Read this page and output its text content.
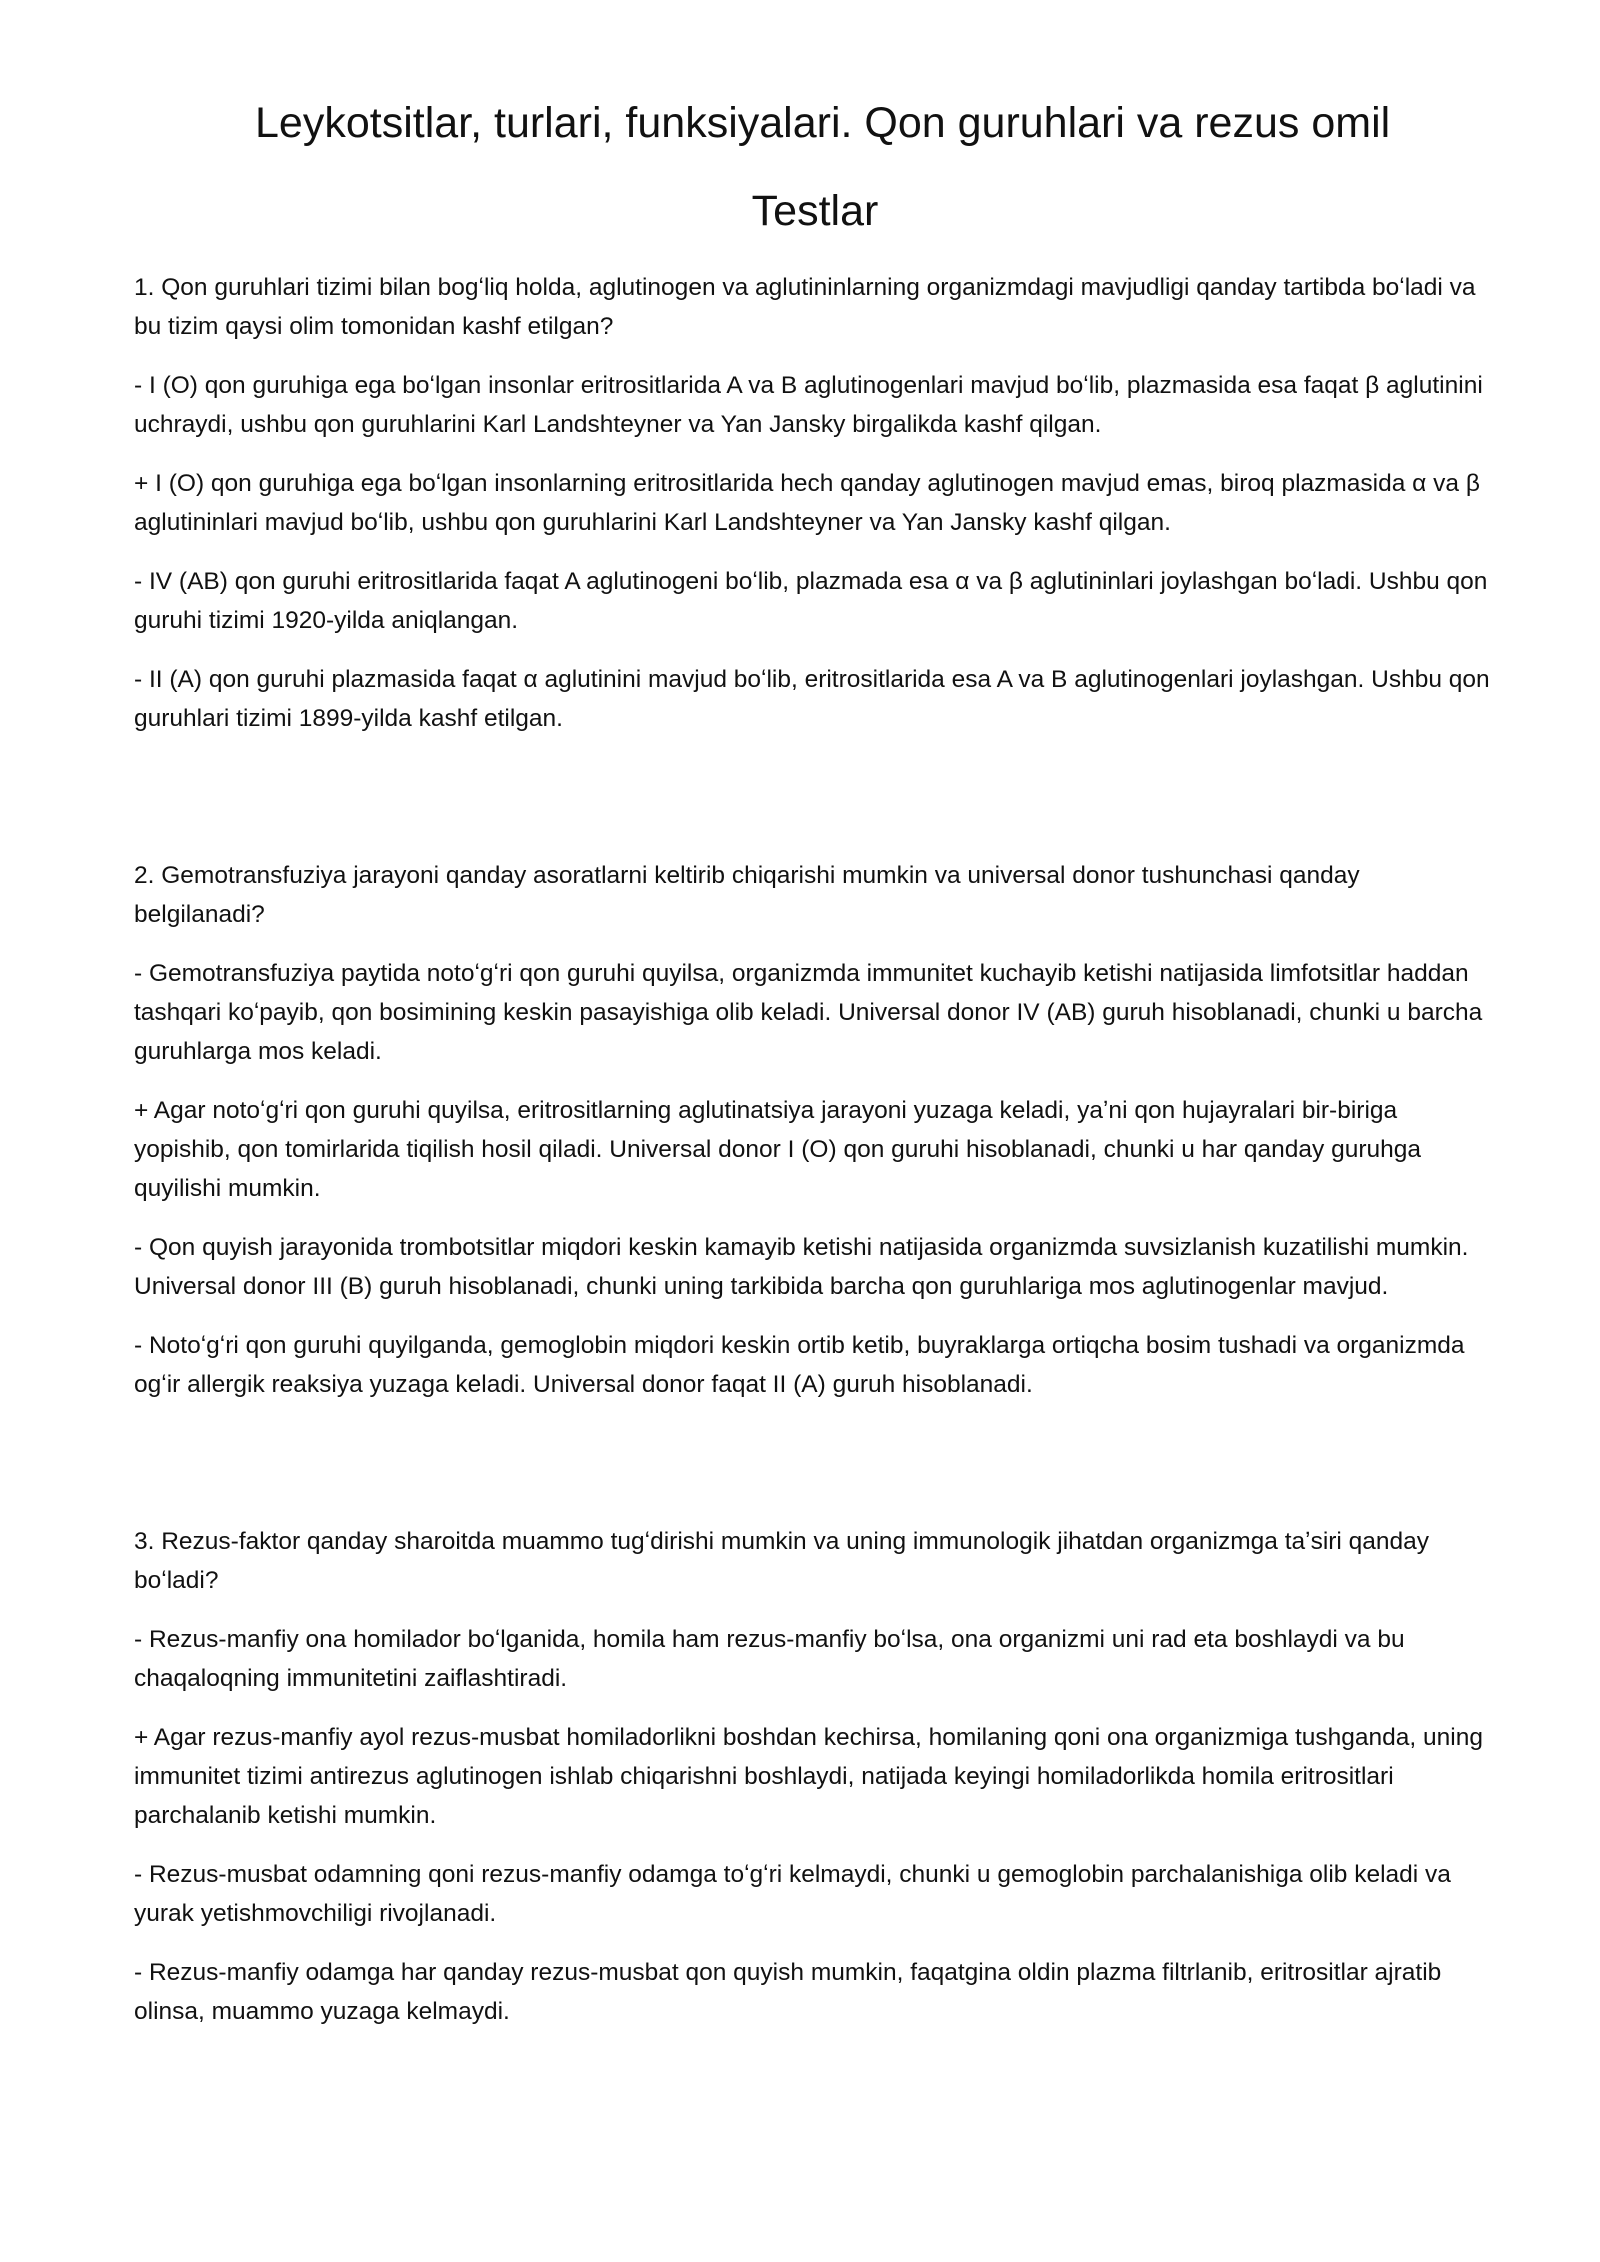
Leykotsitlar, turlari, funksiyalari. Qon guruhlari va rezus omil
Testlar

1. Qon guruhlari tizimi bilan bogʻliq holda, aglutinogen va aglutininlarning organizmdagi mavjudligi qanday tartibda boʻladi va bu tizim qaysi olim tomonidan kashf etilgan?

- I (O) qon guruhiga ega boʻlgan insonlar eritrositlarida A va B aglutinogenlari mavjud boʻlib, plazmasida esa faqat β aglutinini uchraydi, ushbu qon guruhlarini Karl Landshteyner va Yan Jansky birgalikda kashf qilgan.

+ I (O) qon guruhiga ega boʻlgan insonlarning eritrositlarida hech qanday aglutinogen mavjud emas, biroq plazmasida α va β aglutininlari mavjud boʻlib, ushbu qon guruhlarini Karl Landshteyner va Yan Jansky kashf qilgan.

- IV (AB) qon guruhi eritrositlarida faqat A aglutinogeni boʻlib, plazmada esa α va β aglutininlari joylashgan boʻladi. Ushbu qon guruhi tizimi 1920-yilda aniqlangan.

- II (A) qon guruhi plazmasida faqat α aglutinini mavjud boʻlib, eritrositlarida esa A va B aglutinogenlari joylashgan. Ushbu qon guruhlari tizimi 1899-yilda kashf etilgan.

2. Gemotransfuziya jarayoni qanday asoratlarni keltirib chiqarishi mumkin va universal donor tushunchasi qanday belgilanadi?

- Gemotransfuziya paytida notoʻgʻri qon guruhi quyilsa, organizmda immunitet kuchayib ketishi natijasida limfotsitlar haddan tashqari koʻpayib, qon bosimining keskin pasayishiga olib keladi. Universal donor IV (AB) guruh hisoblanadi, chunki u barcha guruhlarga mos keladi.

+ Agar notoʻgʻri qon guruhi quyilsa, eritrositlarning aglutinatsiya jarayoni yuzaga keladi, yaʼni qon hujayralari bir-biriga yopishib, qon tomirlarida tiqilish hosil qiladi. Universal donor I (O) qon guruhi hisoblanadi, chunki u har qanday guruhga quyilishi mumkin.

- Qon quyish jarayonida trombotsitlar miqdori keskin kamayib ketishi natijasida organizmda suvsizlanish kuzatilishi mumkin. Universal donor III (B) guruh hisoblanadi, chunki uning tarkibida barcha qon guruhlariga mos aglutinogenlar mavjud.

- Notoʻgʻri qon guruhi quyilganda, gemoglobin miqdori keskin ortib ketib, buyraklarga ortiqcha bosim tushadi va organizmda ogʻir allergik reaksiya yuzaga keladi. Universal donor faqat II (A) guruh hisoblanadi.

3. Rezus-faktor qanday sharoitda muammo tugʻdirishi mumkin va uning immunologik jihatdan organizmga taʼsiri qanday boʻladi?

- Rezus-manfiy ona homilador boʻlganida, homila ham rezus-manfiy boʻlsa, ona organizmi uni rad eta boshlaydi va bu chaqaloqning immunitetini zaiflashtiradi.

+ Agar rezus-manfiy ayol rezus-musbat homiladorlikni boshdan kechirsa, homilaning qoni ona organizmiga tushganda, uning immunitet tizimi antirezus aglutinogen ishlab chiqarishni boshlaydi, natijada keyingi homiladorlikda homila eritrositlari parchalanib ketishi mumkin.

- Rezus-musbat odamning qoni rezus-manfiy odamga toʻgʻri kelmaydi, chunki u gemoglobin parchalanishiga olib keladi va yurak yetishmovchiligi rivojlanadi.

- Rezus-manfiy odamga har qanday rezus-musbat qon quyish mumkin, faqatgina oldin plazma filtrlanib, eritrositlar ajratib olinsa, muammo yuzaga kelmaydi.
